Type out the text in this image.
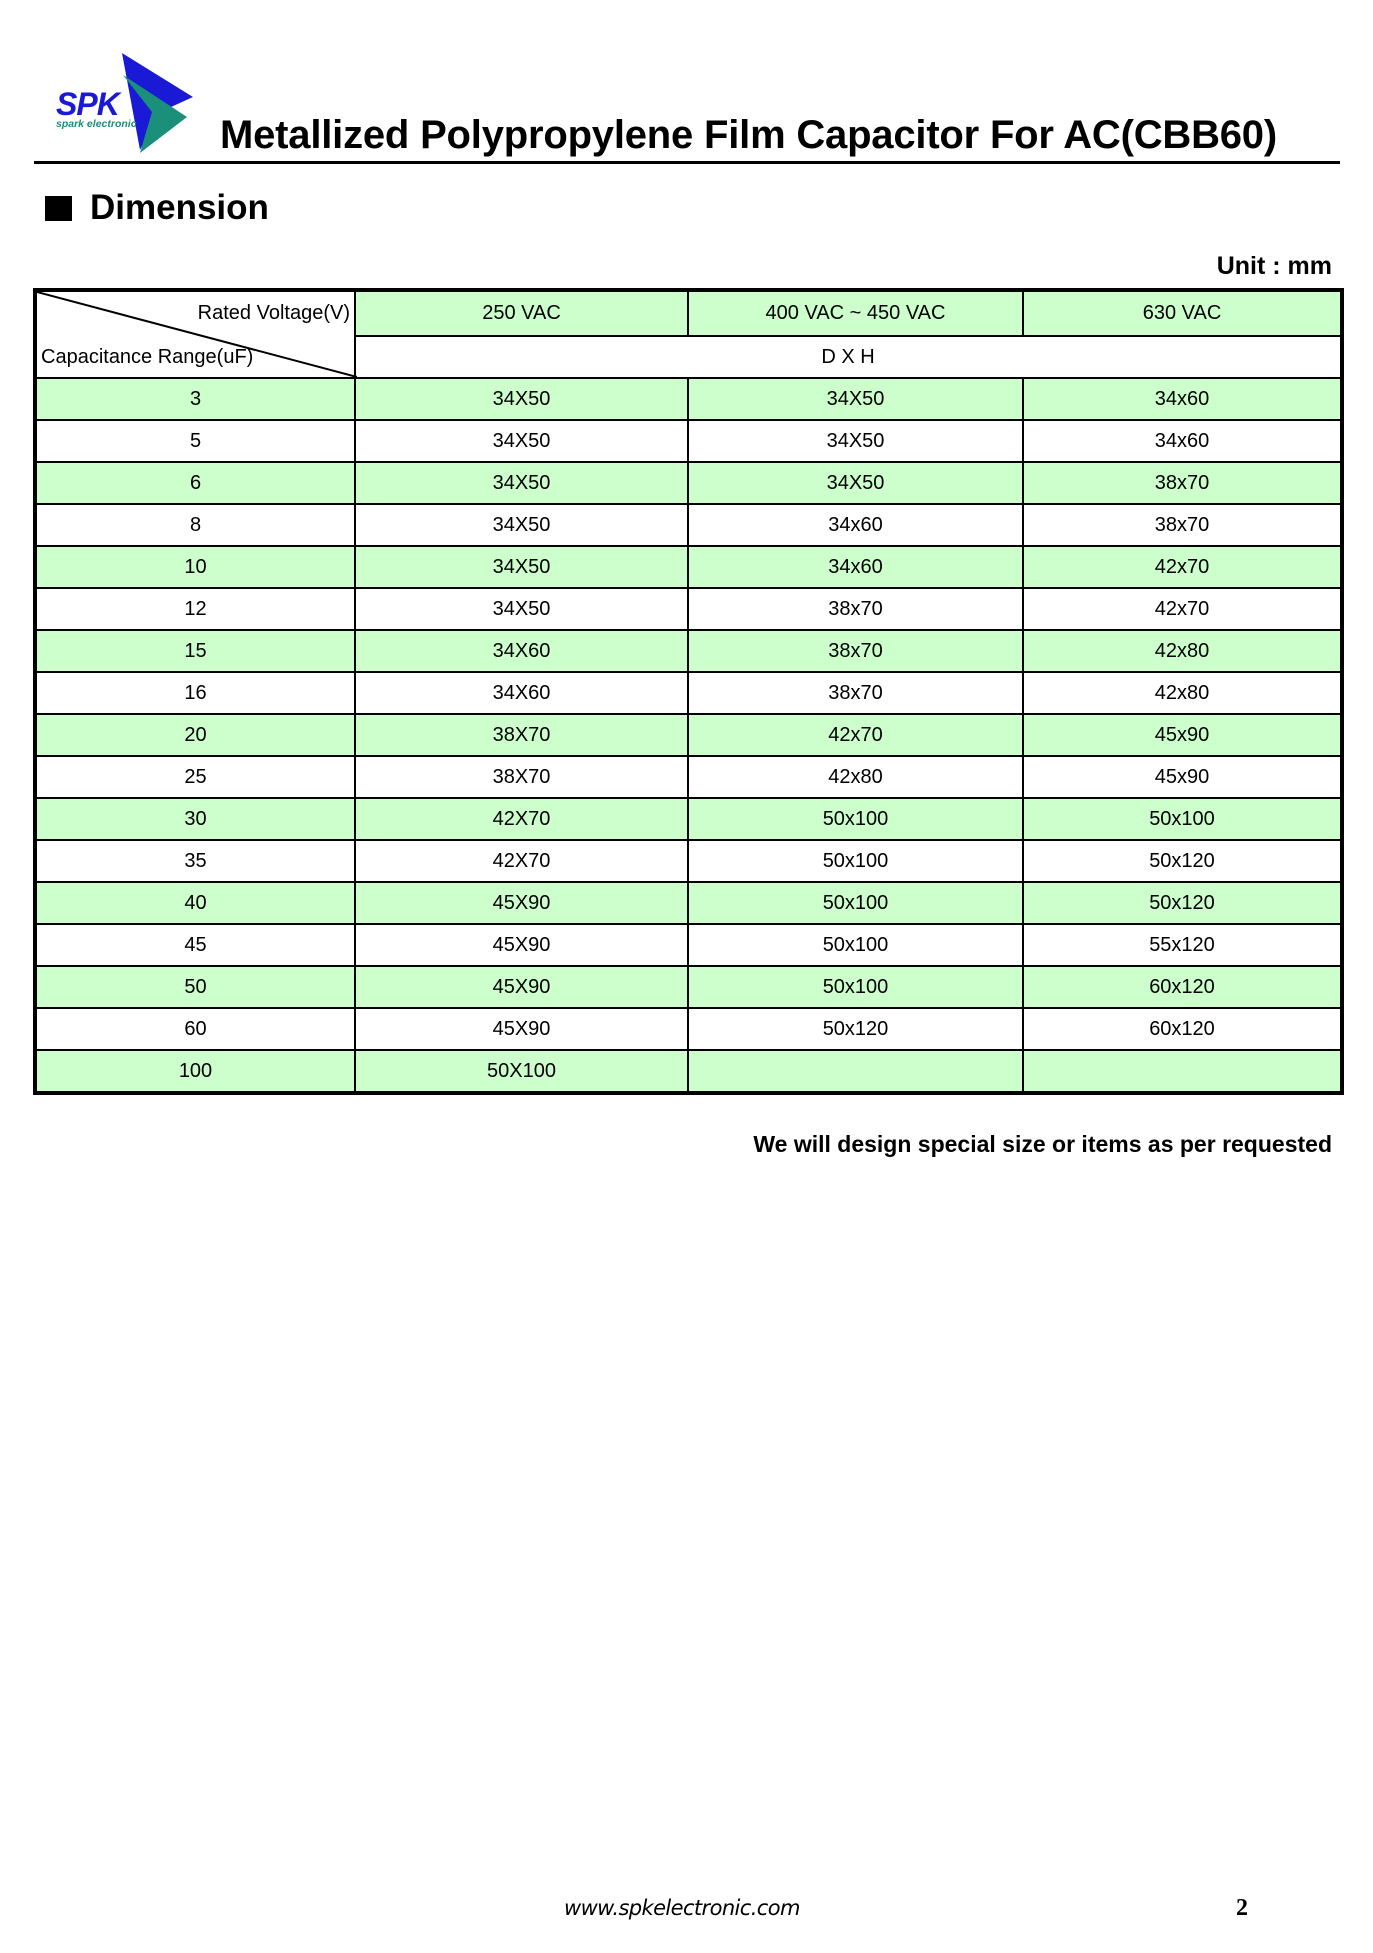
SPK
spark electronic Metallized Polypropylene Film Capacitor For AC(CBB60)
Dimension
Unit : mm
Rated Voltage(V)
Capacitance Range(uF)	250 VAC	400 VAC ~ 450 VAC	630 VAC
	D X H		
3	34X50	34X50	34x60
5	34X50	34X50	34x60
6	34X50	34X50	38x70
8	34X50	34x60	38x70
10	34X50	34x60	42x70
12	34X50	38x70	42x70
15	34X60	38x70	42x80
16	34X60	38x70	42x80
20	38X70	42x70	45x90
25	38X70	42x80	45x90
30	42X70	50x100	50x100
35	42X70	50x100	50x120
40	45X90	50x100	50x120
45	45X90	50x100	55x120
50	45X90	50x100	60x120
60	45X90	50x120	60x120
100	50X100		
We will design special size or items as per requested
www.spkelectronic.com	2
